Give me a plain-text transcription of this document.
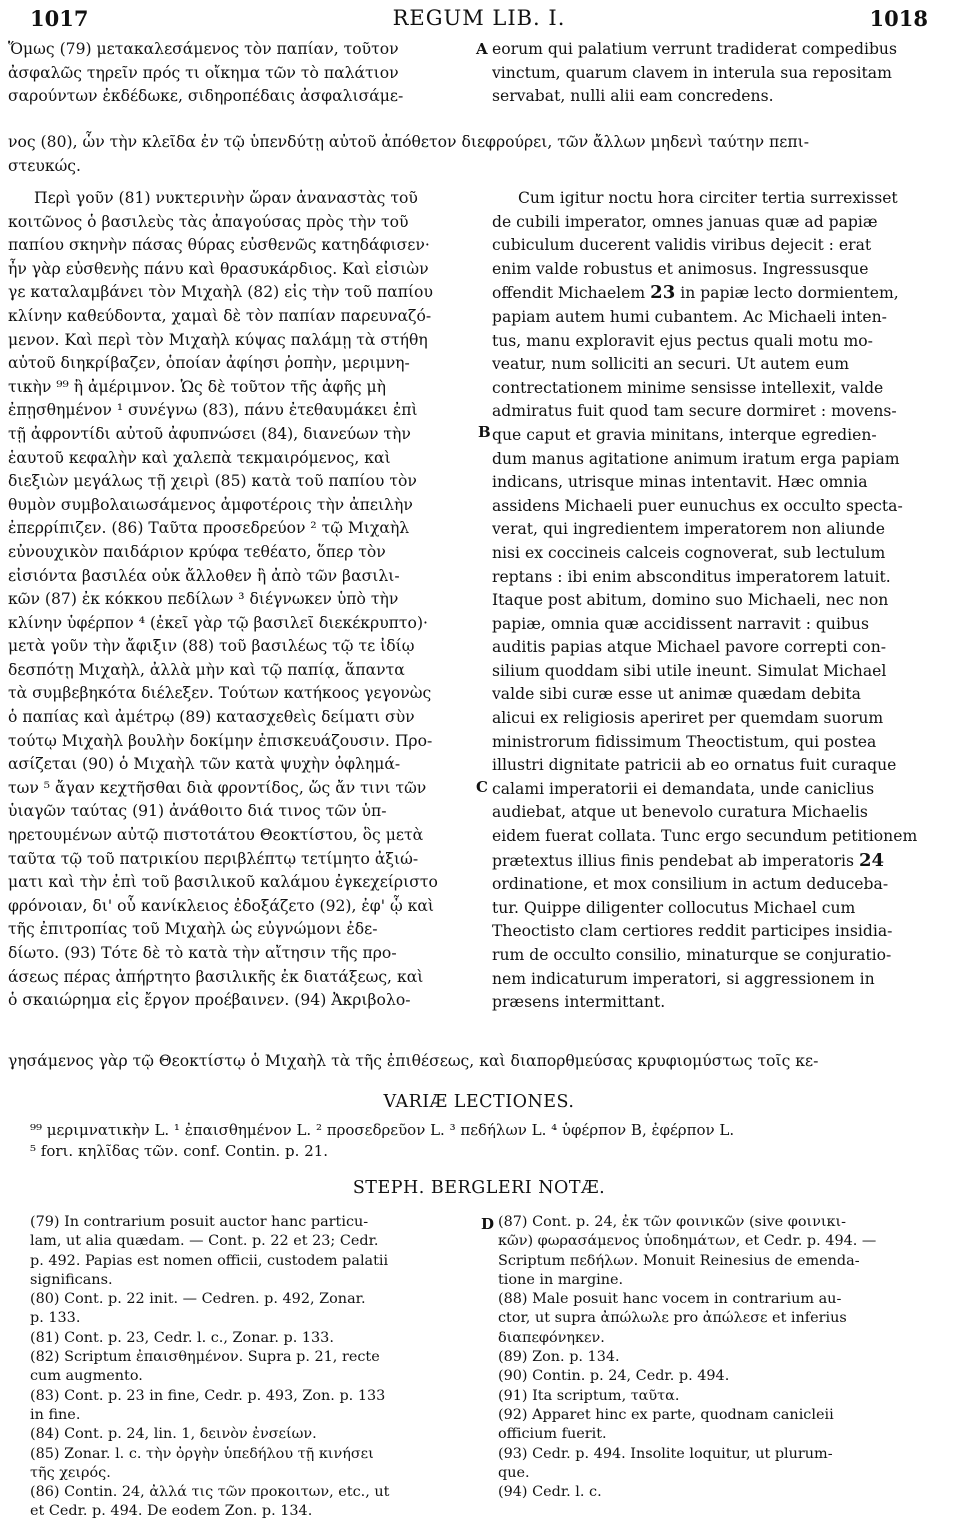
1017	REGUM LIB. I.	1018
Ὅμως (79) μετακαλεσάμενος τὸν παπίαν, τοῦτον
ἀσφαλῶς τηρεῖν πρός τι οἴκημα τῶν τὸ παλάτιον
σαρούντων ἐκδέδωκε, σιδηροπέδαις ἀσφαλισάμε-
A eorum qui palatium verrunt tradiderat compedibus
vinctum, quarum clavem in interula sua repositam
servabat, nulli alii eam concredens.
νος (80), ὧν τὴν κλεῖδα ἐν τῷ ὑπενδύτῃ αὐτοῦ ἀπόθετον διεφρούρει, τῶν ἄλλων μηδενὶ ταύτην πεπι-
στευκώς.
Περὶ γοῦν (81) νυκτερινὴν ὥραν ἀναναστὰς τοῦ
κοιτῶνος ὁ βασιλεὺς τὰς ἀπαγούσας πρὸς τὴν τοῦ
παπίου σκηνὴν πάσας θύρας εὐσθενῶς κατηδάφισεν·
ἦν γὰρ εὐσθενὴς πάνυ καὶ θρασυκάρδιος. Καὶ εἰσιὼν
γε καταλαμβάνει τὸν Μιχαὴλ (82) εἰς τὴν τοῦ παπίου
κλίνην καθεύδοντα, χαμαὶ δὲ τὸν παπίαν παρευναζό-
μενον. Καὶ περὶ τὸν Μιχαὴλ κύψας παλάμῃ τὰ στήθη
αὐτοῦ διηκρίβαζεν, ὁποίαν ἀφίησι ῥοπὴν, μεριμνη-
τικὴν ⁹⁹ ἢ ἀμέριμνον. Ὡς δὲ τοῦτον τῆς ἀφῆς μὴ
ἐπῃσθημένον ¹ συνέγνω (83), πάνυ ἐτεθαυμάκει ἐπὶ
τῇ ἀφροντίδι αὐτοῦ ἀφυπνώσει (84), διανεύων τὴν
ἑαυτοῦ κεφαλὴν καὶ χαλεπὰ τεκμαιρόμενος, καὶ
διεξιὼν μεγάλως τῇ χειρὶ (85) κατὰ τοῦ παπίου τὸν
θυμὸν συμβολαιωσάμενος ἀμφοτέροις τὴν ἀπειλὴν
ἐπερρίπιζεν. (86) Ταῦτα προσεδρεύον ² τῷ Μιχαὴλ
εὐνουχικὸν παιδάριον κρύφα τεθέατο, ὅπερ τὸν
εἰσιόντα βασιλέα οὐκ ἄλλοθεν ἢ ἀπὸ τῶν βασιλι-
κῶν (87) ἐκ κόκκου πεδίλων ³ διέγνωκεν ὑπὸ τὴν
κλίνην ὑφέρπον ⁴ (ἐκεῖ γὰρ τῷ βασιλεῖ διεκέκρυπτο)·
μετὰ γοῦν τὴν ἄφιξιν (88) τοῦ βασιλέως τῷ τε ἰδίῳ
δεσπότῃ Μιχαὴλ, ἀλλὰ μὴν καὶ τῷ παπίᾳ, ἅπαντα
τὰ συμβεβηκότα διέλεξεν. Τούτων κατήκοος γεγονὼς
ὁ παπίας καὶ ἀμέτρῳ (89) κατασχεθεὶς δείματι σὺν
τούτῳ Μιχαὴλ βουλὴν δοκίμην ἐπισκευάζουσιν. Προ-
ασίζεται (90) ὁ Μιχαὴλ τῶν κατὰ ψυχὴν ὀφλημά-
των ⁵ ἄγαν κεχτῆσθαι διὰ φροντίδος, ὥς ἄν τινι τῶν
ὑιαγῶν ταύτας (91) ἀνάθοιτο διά τινος τῶν ὑπ-
ηρετουμένων αὐτῷ πιστοτάτου Θεοκτίστου, ὃς μετὰ
ταῦτα τῷ τοῦ πατρικίου περιβλέπτῳ τετίμητο ἀξιώ-
ματι καὶ τὴν ἐπὶ τοῦ βασιλικοῦ καλάμου ἐγκεχείριστο
φρόνοιαν, δι' οὗ κανίκλειος ἐδοξάζετο (92), ἐφ' ᾧ καὶ
τῆς ἐπιτροπίας τοῦ Μιχαὴλ ὡς εὐγνώμονι ἐδε-
δίωτο. (93) Τότε δὲ τὸ κατὰ τὴν αἴτησιν τῆς προ-
άσεως πέρας ἀπήρτητο βασιλικῆς ἐκ διατάξεως, καὶ
ὁ σκαιώρημα εἰς ἔργον προέβαινεν. (94) Ἀκριβολο-
B
C
Cum igitur noctu hora circiter tertia surrexisset
de cubili imperator, omnes januas quæ ad papiæ
cubiculum ducerent validis viribus dejecit : erat
enim valde robustus et animosus. Ingressusque
offendit Michaelem 23 in papiæ lecto dormientem,
papiam autem humi cubantem. Ac Michaeli inten-
tus, manu exploravit ejus pectus quali motu mo-
veatur, num solliciti an securi. Ut autem eum
contrectationem minime sensisse intellexit, valde
admiratus fuit quod tam secure dormiret : movens-
que caput et gravia minitans, interque egredien-
dum manus agitatione animum iratum erga papiam
indicans, utrisque minas intentavit. Hæc omnia
assidens Michaeli puer eunuchus ex occulto specta-
verat, qui ingredientem imperatorem non aliunde
nisi ex coccineis calceis cognoverat, sub lectulum
reptans : ibi enim absconditus imperatorem latuit.
Itaque post abitum, domino suo Michaeli, nec non
papiæ, omnia quæ accidissent narravit : quibus
auditis papias atque Michael pavore correpti con-
silium quoddam sibi utile ineunt. Simulat Michael
valde sibi curæ esse ut animæ quædam debita
alicui ex religiosis aperiret per quemdam suorum
ministrorum fidissimum Theoctistum, qui postea
illustri dignitate patricii ab eo ornatus fuit curaque
calami imperatorii ei demandata, unde caniclius
audiebat, atque ut benevolo curatura Michaelis
eidem fuerat collata. Tunc ergo secundum petitionem
prætextus illius finis pendebat ab imperatoris 24
ordinatione, et mox consilium in actum deduceba-
tur. Quippe diligenter collocutus Michael cum
Theoctisto clam certiores reddit participes insidia-
rum de occulto consilio, minaturque se conjuratio-
nem indicaturum imperatori, si aggressionem in
præsens intermittant.
γησάμενος γὰρ τῷ Θεοκτίστῳ ὁ Μιχαὴλ τὰ τῆς ἐπιθέσεως, καὶ διαπορθμεύσας κρυφιομύστως τοῖς κε-
VARIÆ LECTIONES.
⁹⁹ μεριμνατικὴν L. ¹ ἐπαισθημένον L. ² προσεδρεῦον L. ³ πεδήλων L. ⁴ ὑφέρπον B, ἐφέρπον L.
⁵ forι. κηλῖδας τῶν. conf. Contin. p. 21.
STEPH. BERGLERI NOTÆ.
D
(79) In contrarium posuit auctor hanc particu-
lam, ut alia quædam. — Cont. p. 22 et 23; Cedr.
p. 492. Papias est nomen officii, custodem palatii
significans.
(80) Cont. p. 22 init. — Cedren. p. 492, Zonar.
p. 133.
(81) Cont. p. 23, Cedr. l. c., Zonar. p. 133.
(82) Scriptum ἐπαισθημένον. Supra p. 21, recte
cum augmento.
(83) Cont. p. 23 in fine, Cedr. p. 493, Zon. p. 133
in fine.
(84) Cont. p. 24, lin. 1, δεινὸν ἐνσείων.
(85) Zonar. l. c. τὴν ὀργὴν ὑπεδήλου τῇ κινήσει
τῆς χειρός.
(86) Contin. 24, ἀλλά τις τῶν προκοιτων, etc., ut
et Cedr. p. 494. De eodem Zon. p. 134.
(87) Cont. p. 24, ἐκ τῶν φοινικῶν (sive φοινικι-
κῶν) φωρασάμενος ὑποδημάτων, et Cedr. p. 494. —
Scriptum πεδήλων. Monuit Reinesius de emenda-
tione in margine.
(88) Male posuit hanc vocem in contrarium au-
ctor, ut supra ἀπώλωλε pro ἀπώλεσε et inferius
διαπεφόνηκεν.
(89) Zon. p. 134.
(90) Contin. p. 24, Cedr. p. 494.
(91) Ita scriptum, ταῦτα.
(92) Apparet hinc ex parte, quodnam canicleii
officium fuerit.
(93) Cedr. p. 494. Insolite loquitur, ut plurum-
que.
(94) Cedr. l. c.
